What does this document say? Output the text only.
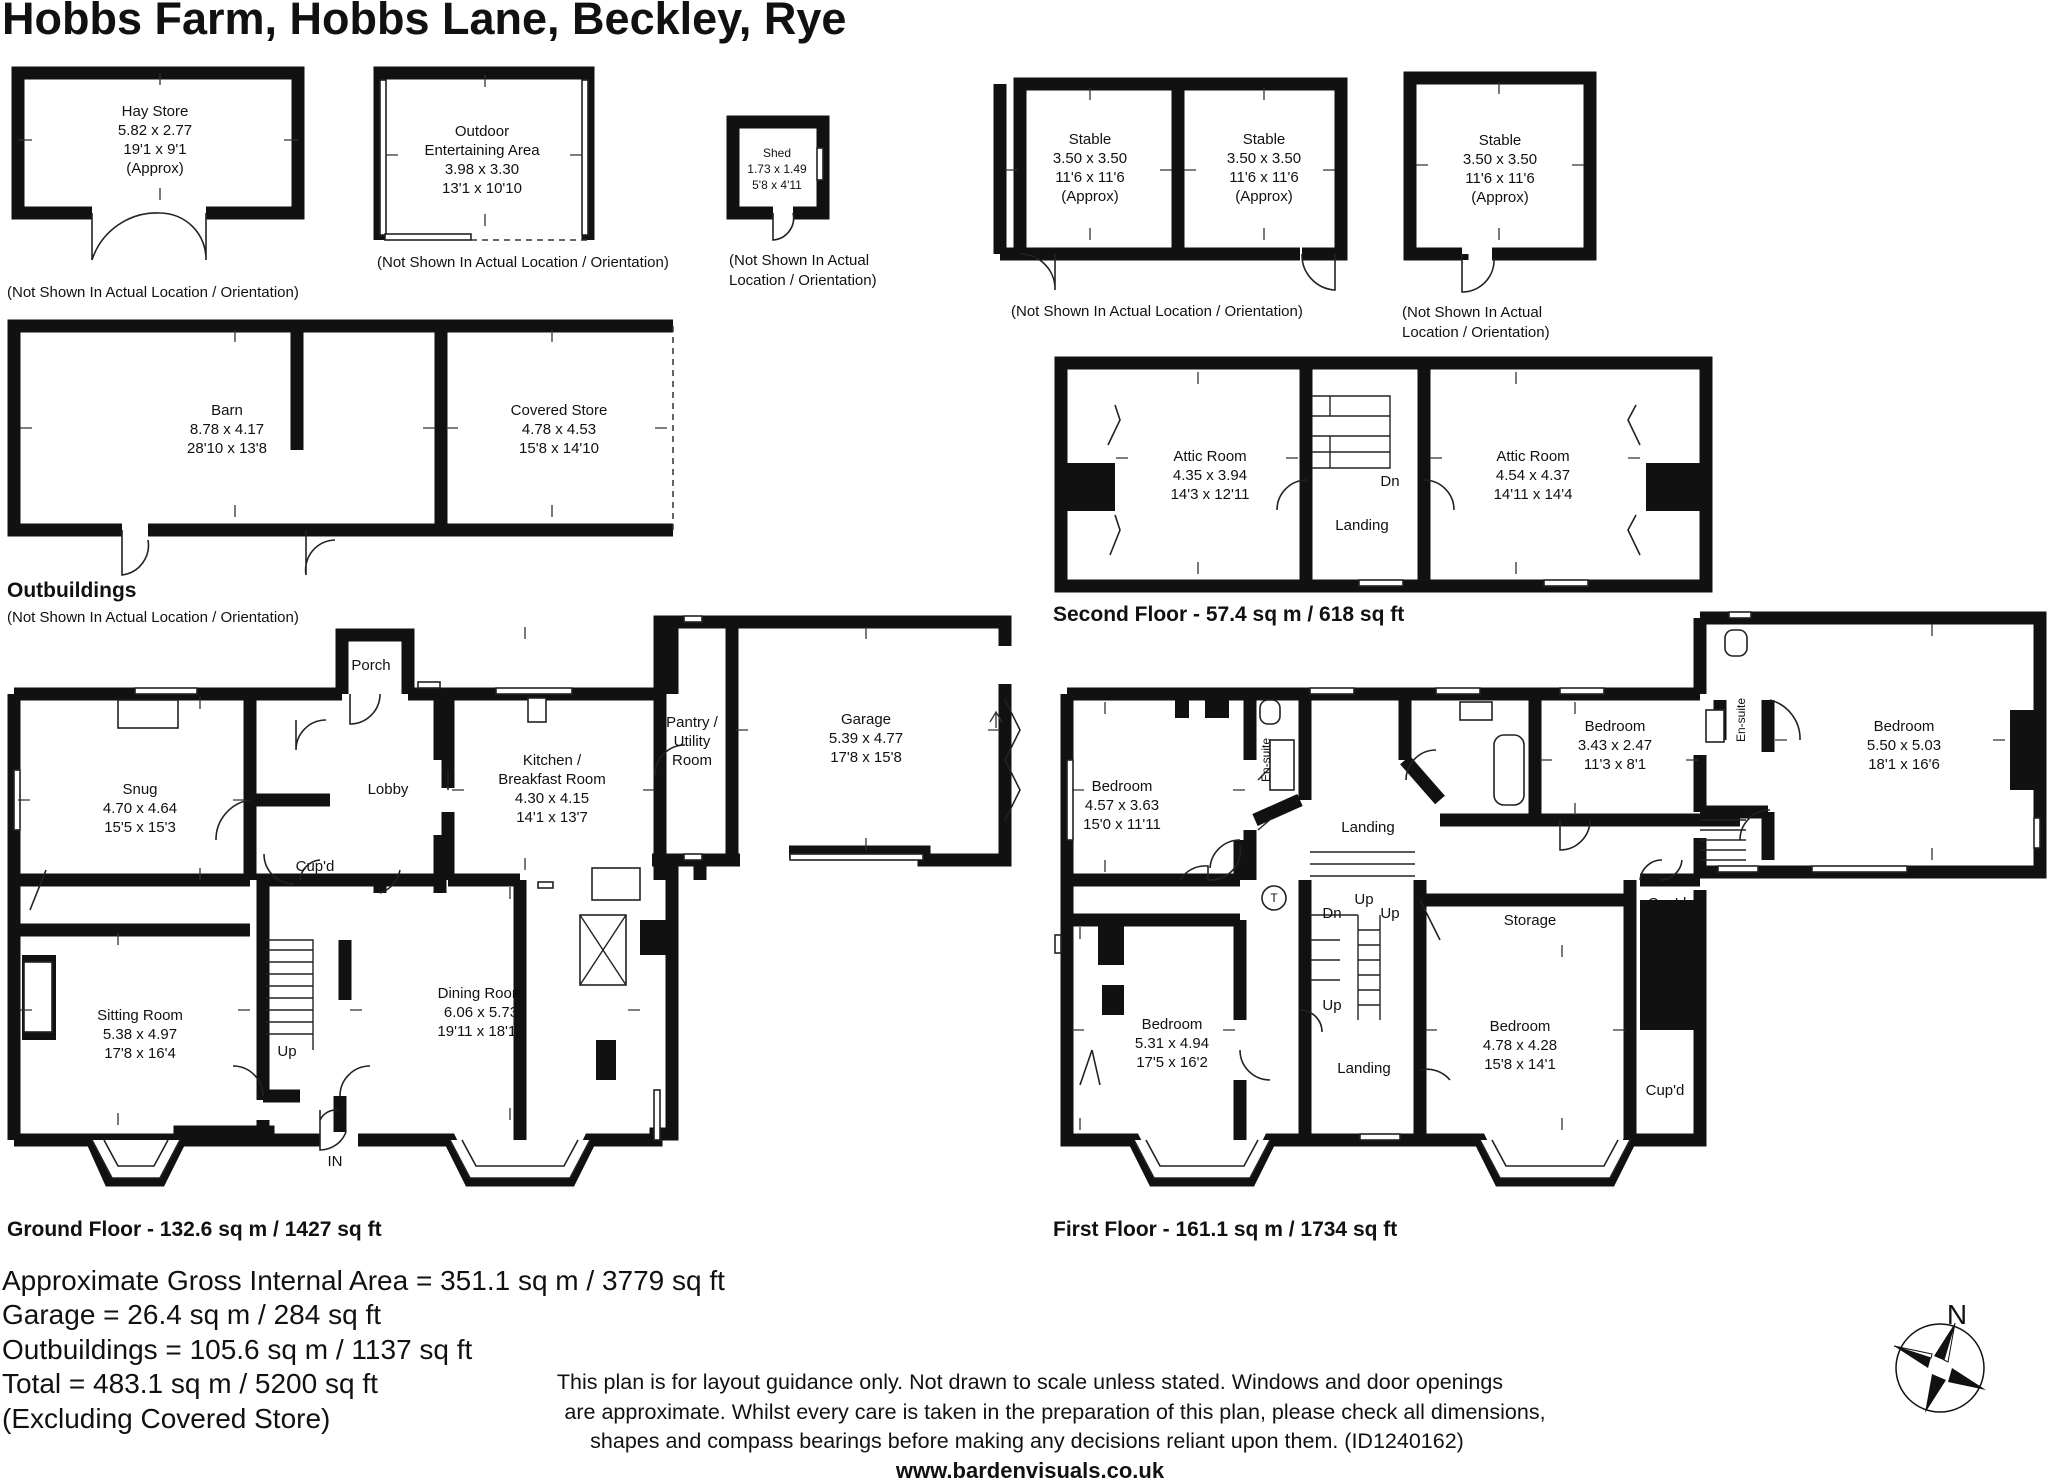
Hobbs Farm, Hobbs Lane, Beckley, Rye
Hay Store
5.82 x 2.77
19'1 x 9'1
(Approx)
(Not Shown In Actual Location / Orientation)
Outdoor
Entertaining Area
3.98 x 3.30
13'1 x 10'10
(Not Shown In Actual Location / Orientation)
Shed
1.73 x 1.49
5'8 x 4'11
(Not Shown In Actual
Location / Orientation)
Stable
3.50 x 3.50
11'6 x 11'6
(Approx)
Stable
3.50 x 3.50
11'6 x 11'6
(Approx)
(Not Shown In Actual Location / Orientation)
Stable
3.50 x 3.50
11'6 x 11'6
(Approx)
(Not Shown In Actual
Location / Orientation)
Barn
8.78 x 4.17
28'10 x 13'8
Covered Store
4.78 x 4.53
15'8 x 14'10
Outbuildings
(Not Shown In Actual Location / Orientation)
Attic Room
4.35 x 3.94
14'3 x 12'11
Attic Room
4.54 x 4.37
14'11 x 14'4
Dn
Landing
Second Floor - 57.4 sq m / 618 sq ft
Snug
4.70 x 4.64
15'5 x 15'3
Porch
Lobby
Kitchen /
Breakfast Room
4.30 x 4.15
14'1 x 13'7
Pantry /
Utility
Room
Garage
5.39 x 4.77
17'8 x 15'8
Cup'd
Sitting Room
5.38 x 4.97
17'8 x 16'4
Dining Room
6.06 x 5.73
19'11 x 18'10
Up
IN
Ground Floor - 132.6 sq m / 1427 sq ft
T
Bedroom
4.57 x 3.63
15'0 x 11'11
En-suite
Landing
Bedroom
3.43 x 2.47
11'3 x 8'1
En-suite	Bedroom
5.50 x 5.03
18'1 x 16'6
Cup'd
Storage
Up
Dn	Up
Up
Bedroom
5.31 x 4.94
17'5 x 16'2	Landing
Bedroom
4.78 x 4.28
15'8 x 14'1
Cup'd
First Floor - 161.1 sq m / 1734 sq ft
Approximate Gross Internal Area = 351.1 sq m / 3779 sq ft
Garage = 26.4 sq m / 284 sq ft
Outbuildings = 105.6 sq m / 1137 sq ft
Total = 483.1 sq m / 5200 sq ft
(Excluding Covered Store)
This plan is for layout guidance only. Not drawn to scale unless stated. Windows and door openings
are approximate. Whilst every care is taken in the preparation of this plan, please check all dimensions,
shapes and compass bearings before making any decisions reliant upon them. (ID1240162)
www.bardenvisuals.co.uk
N
